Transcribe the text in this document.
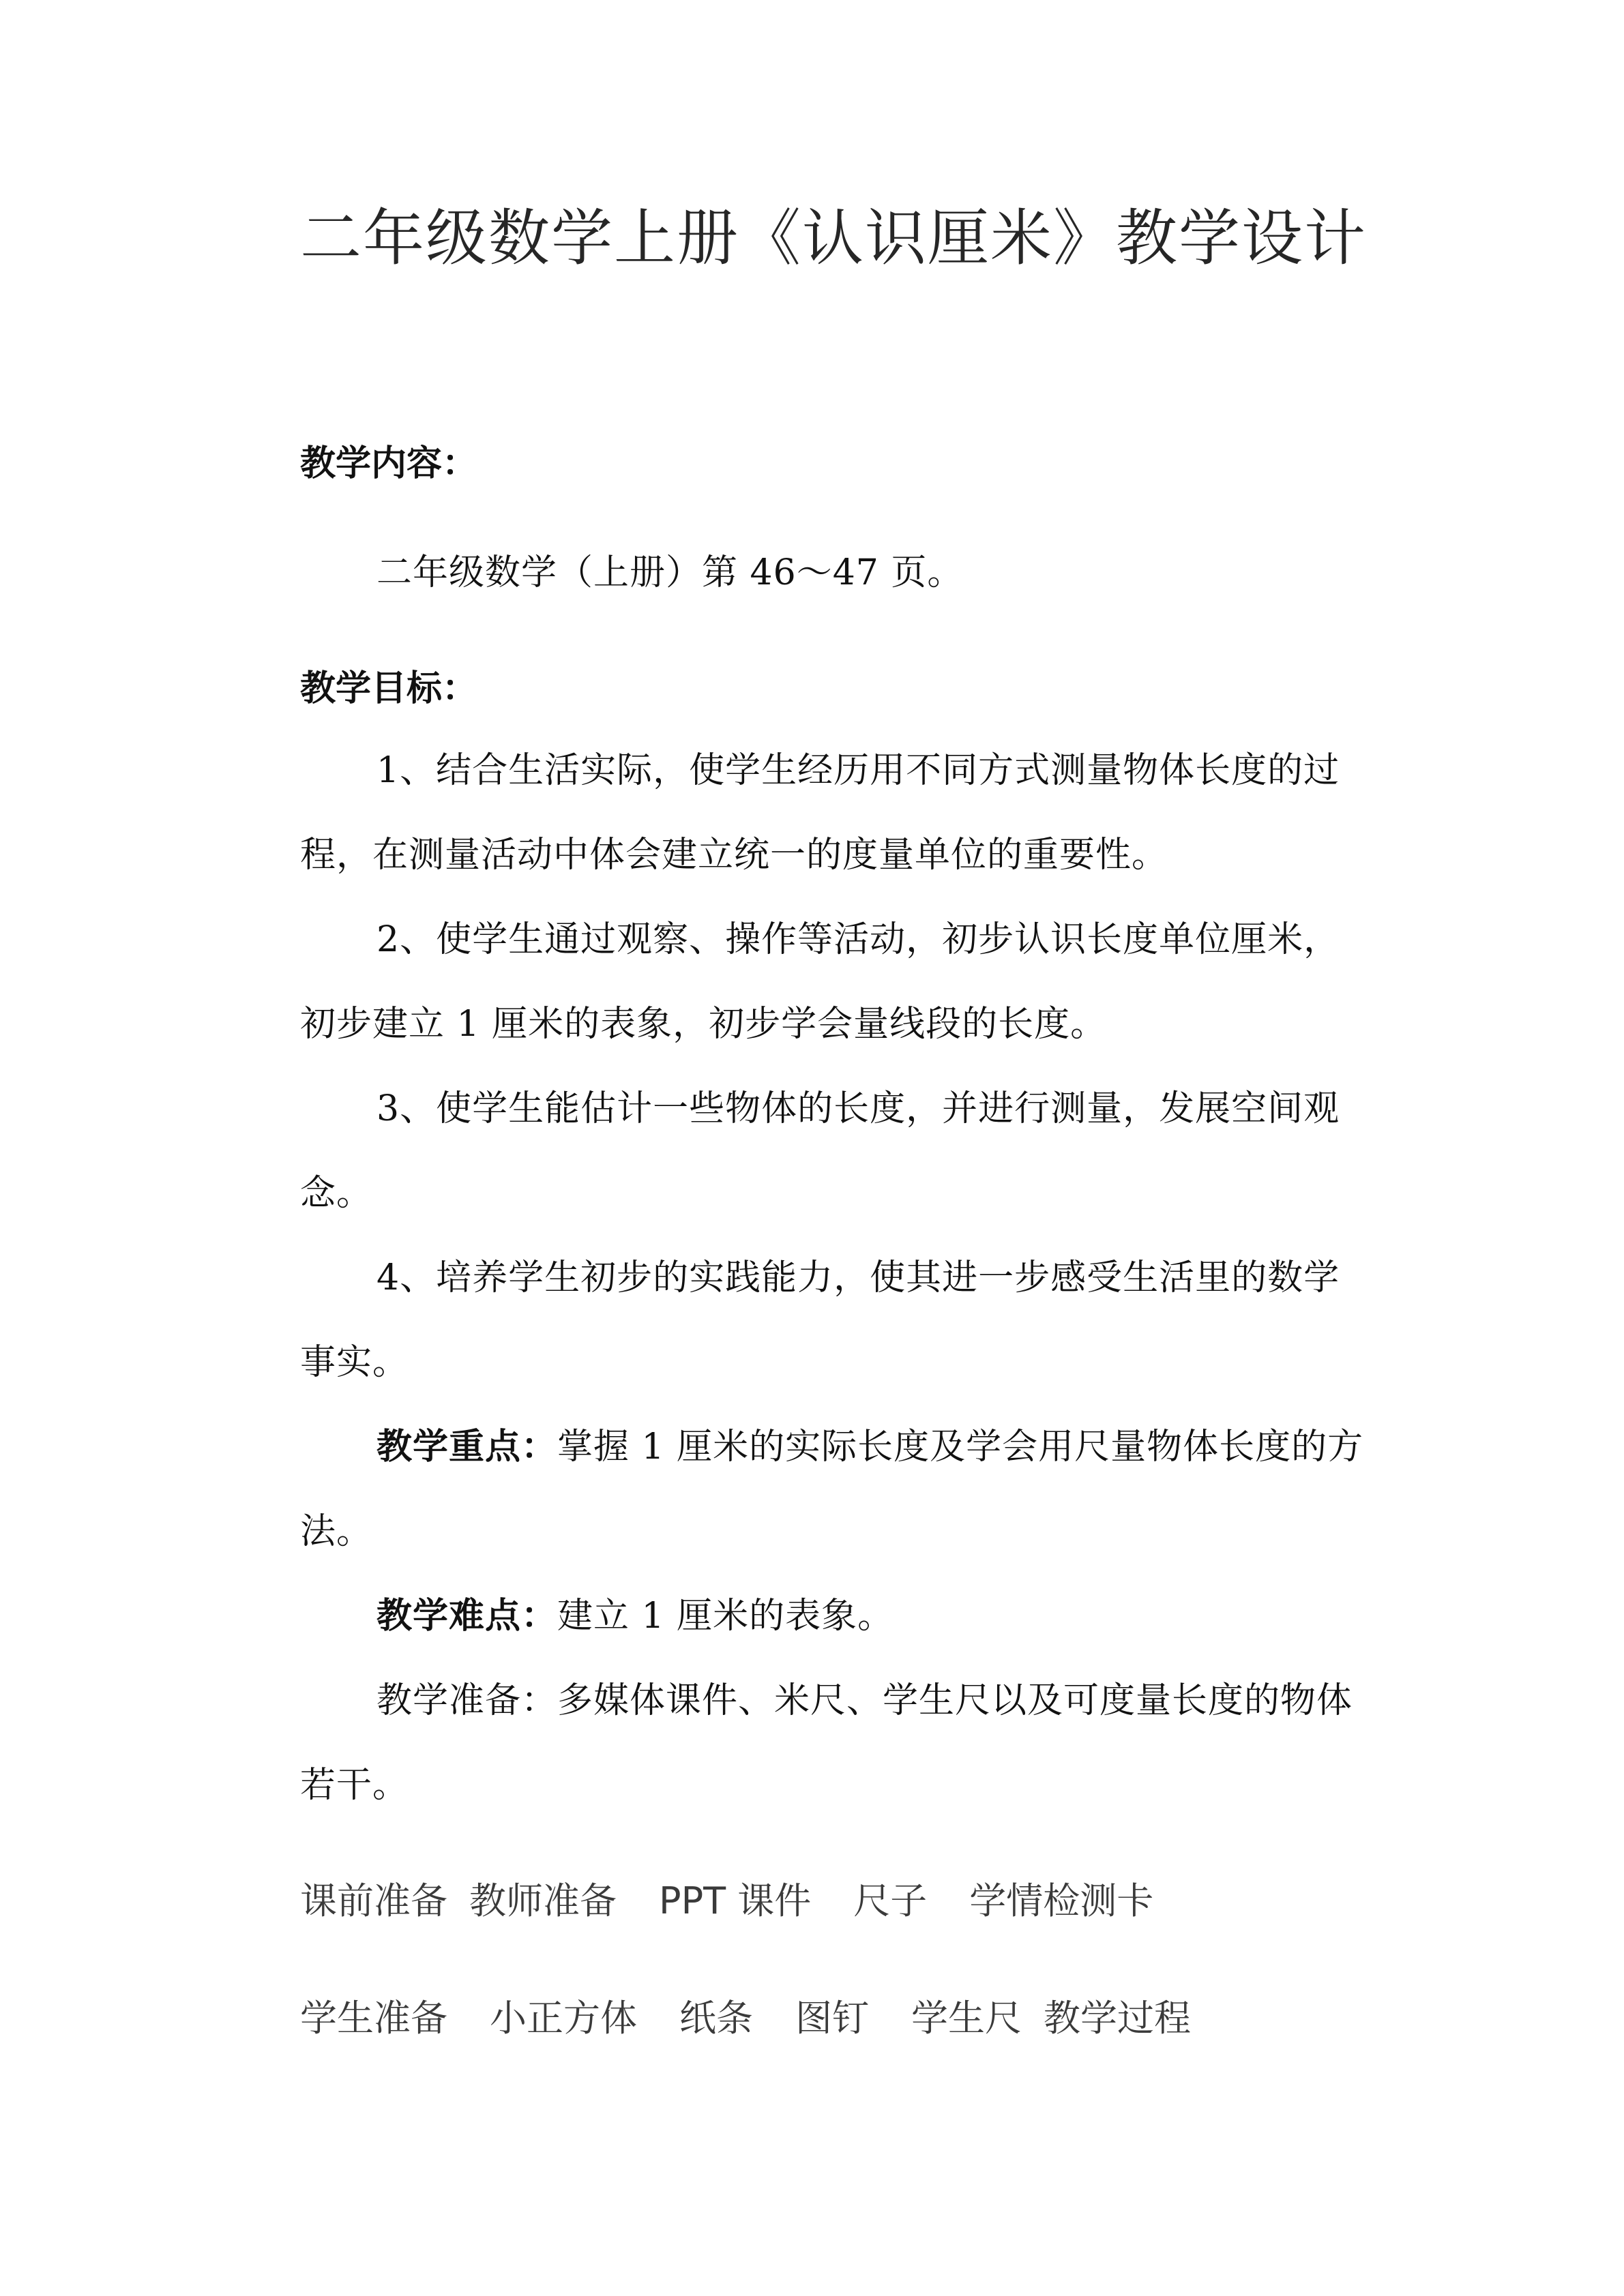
二年级数学上册《认识厘米》教学设计
教学内容：
二年级数学（上册）第 46～47 页。
教学目标：
1、结合生活实际，使学生经历用不同方式测量物体长度的过程，在测量活动中体会建立统一的度量单位的重要性。
2、使学生通过观察、操作等活动，初步认识长度单位厘米，初步建立 1 厘米的表象，初步学会量线段的长度。
3、使学生能估计一些物体的长度，并进行测量，发展空间观念。
4、培养学生初步的实践能力，使其进一步感受生活里的数学事实。
教学重点：掌握 1 厘米的实际长度及学会用尺量物体长度的方法。
教学难点：建立 1 厘米的表象。
教学准备：多媒体课件、米尺、学生尺以及可度量长度的物体若干。
课前准备 教师准备 PPT 课件 尺子 学情检测卡
学生准备 小正方体 纸条 图钉 学生尺 教学过程
